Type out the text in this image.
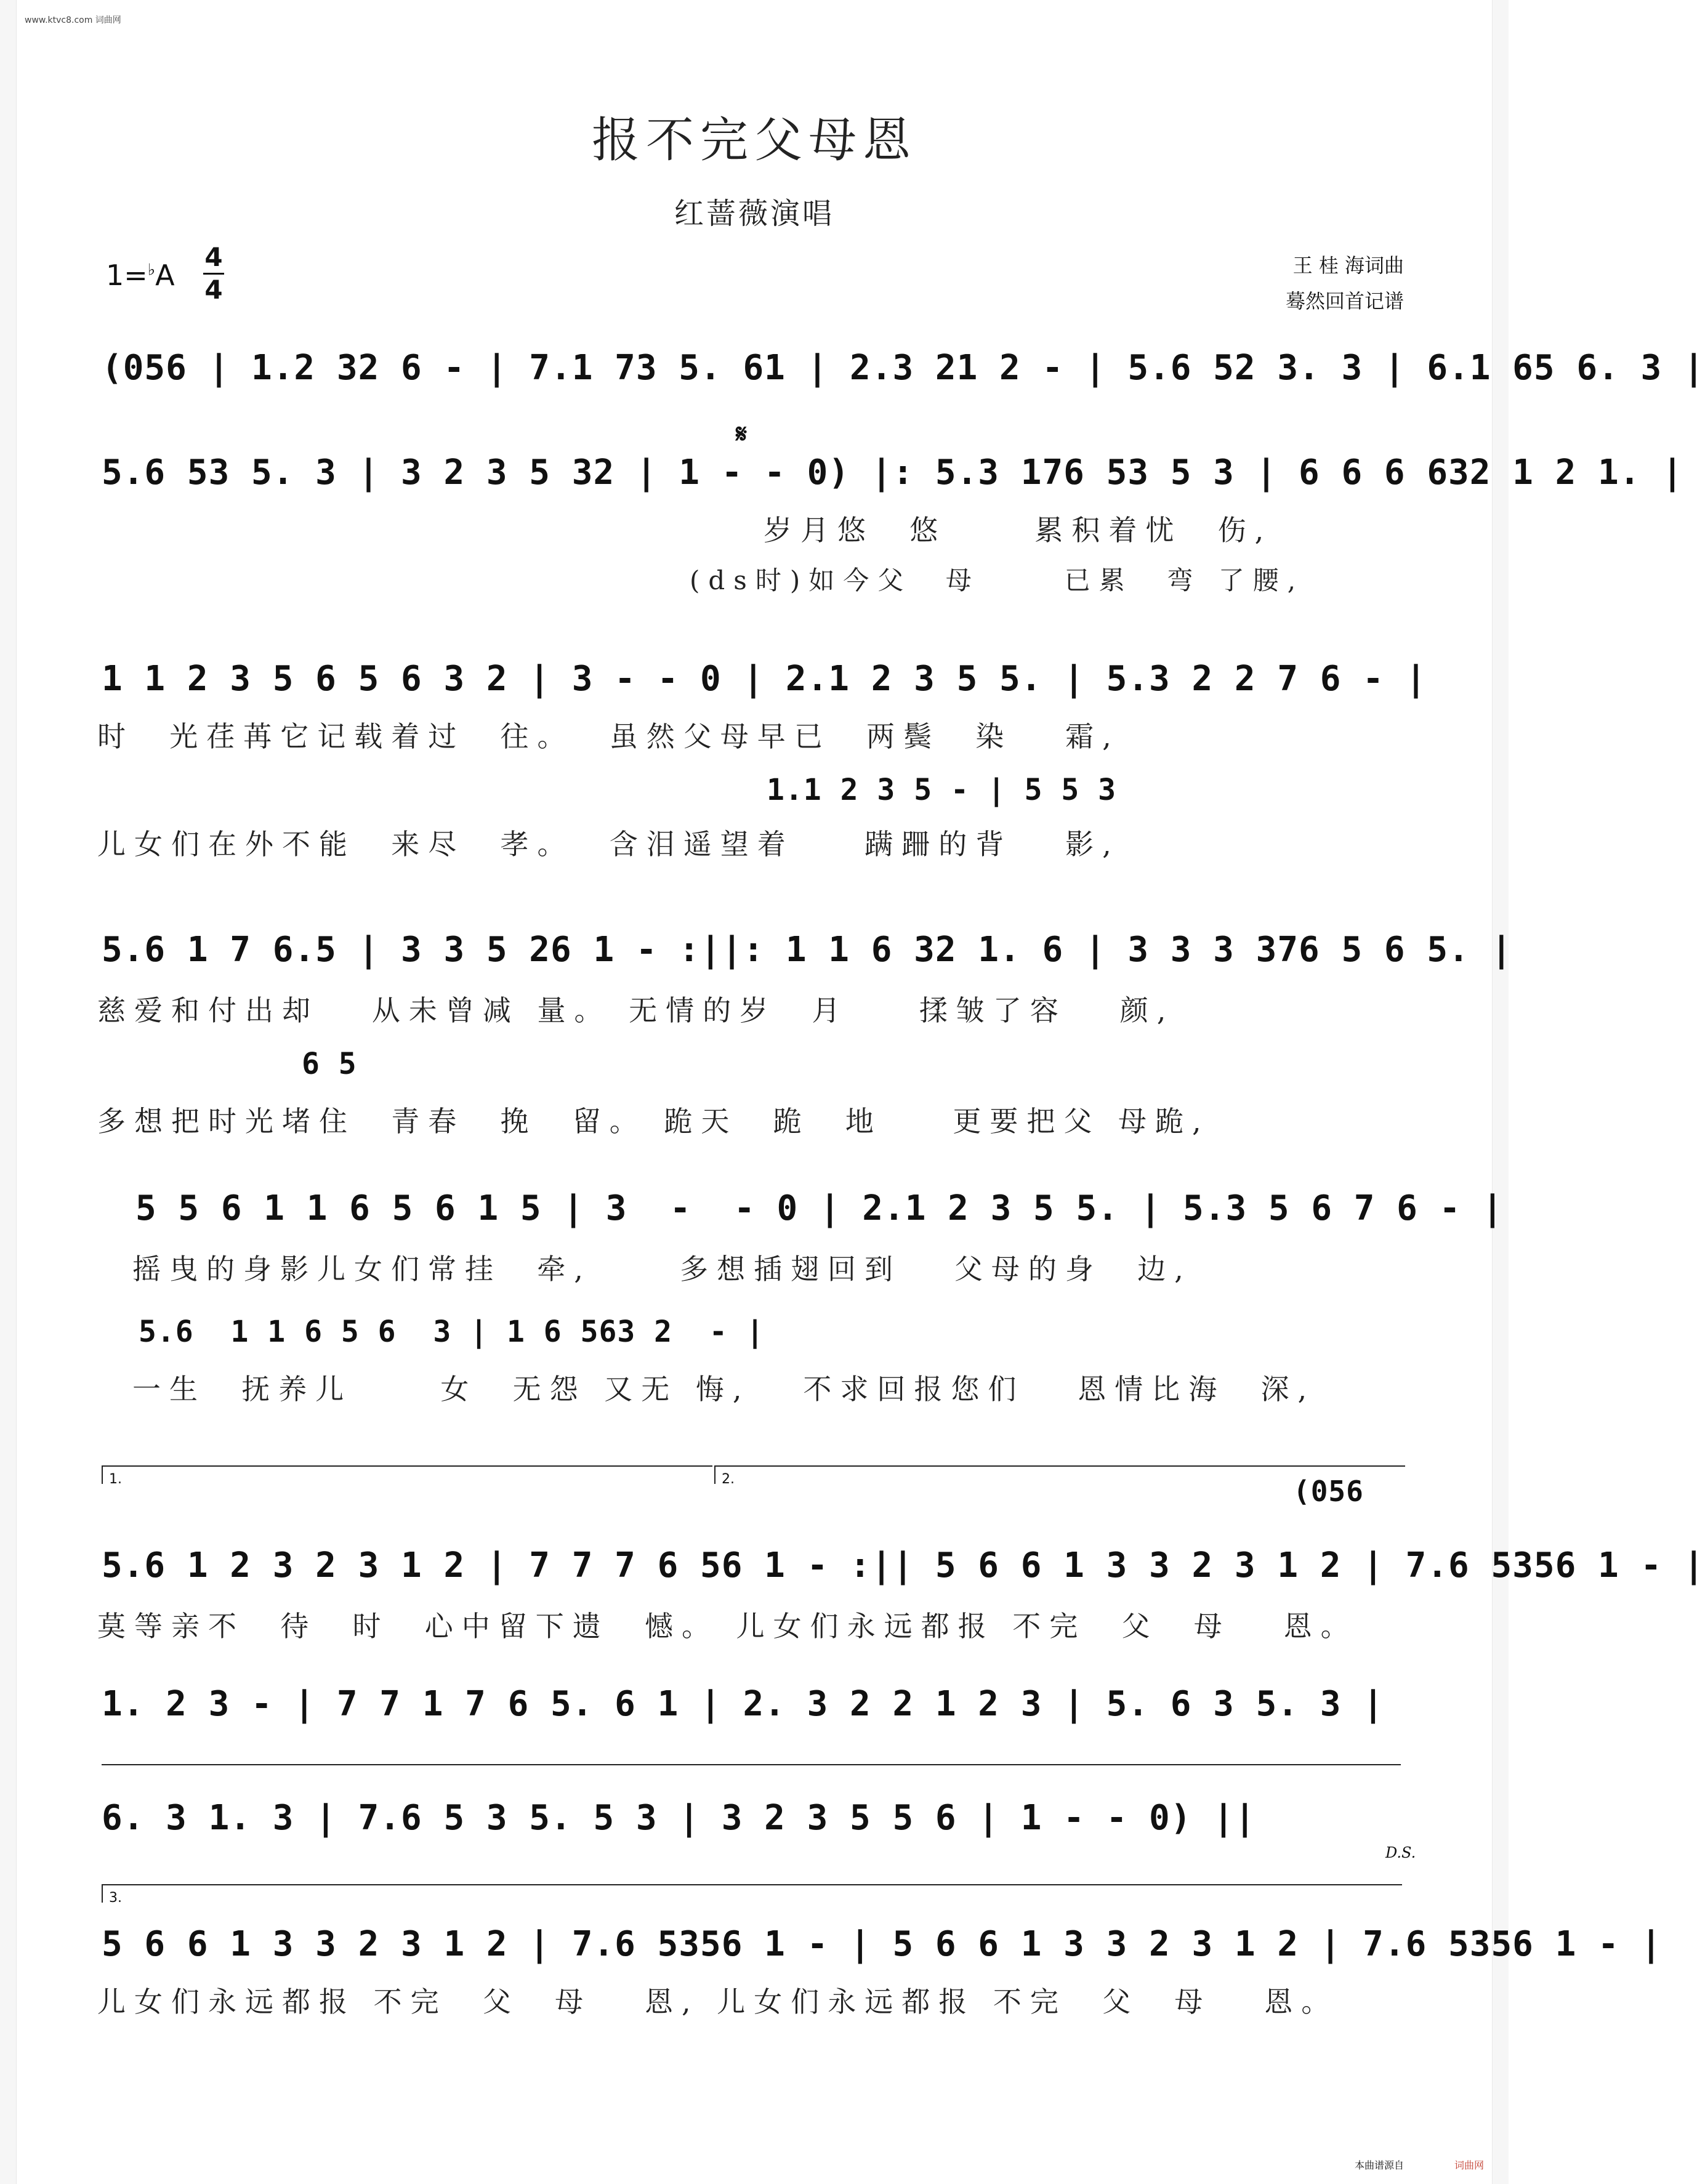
www.ktvc8.com 词曲网
报不完父母恩
红蔷薇演唱
1=♭A
4
4
王 桂 海词曲
蓦然回首记谱
(056 | 1.2 32 6 - | 7.1 73 5. 61 | 2.3 21 2 - | 5.6 52 3. 3 | 6.1 65 6. 3 |
𝄋
5.6 53 5. 3 | 3 2 3 5 32 | 1 - - 0) |: 5.3 176 53 5 3 | 6 6 6 632 1 2 1. |
岁月悠  悠     累积着忧  伤,
(ds时)如今父  母     已累  弯 了腰,
1 1 2 3 5 6 5 6 3 2 | 3 - - 0 | 2.1 2 3 5 5. | 5.3 2 2 7 6 - |
时  光荏苒它记载着过  往。  虽然父母早已  两鬓  染   霜,
1.1 2 3 5 - | 5 5 3
儿女们在外不能  来尽  孝。  含泪遥望着    蹒跚的背   影,
5.6 1 7 6.5 | 3 3 5 26 1 - :||: 1 1 6 32 1. 6 | 3 3 3 376 5 6 5. |
慈爱和付出却   从未曾减 量。 无情的岁  月    揉皱了容   颜,
6 5
多想把时光堵住  青春  挽  留。 跪天  跪  地    更要把父 母跪,
5 5 6 1 1 6 5 6 1 5 | 3  -  - 0 | 2.1 2 3 5 5. | 5.3 5 6 7 6 - |
摇曳的身影儿女们常挂  牵,     多想插翅回到   父母的身  边,
5.6  1 1 6 5 6  3 | 1 6 563 2  - |
一生  抚养儿     女  无怨 又无 悔,   不求回报您们   恩情比海  深,
1.	2.	(056
5.6 1 2 3 2 3 1 2 | 7 7 7 6 56 1 - :|| 5 6 6 1 3 3 2 3 1 2 | 7.6 5356 1 - |
莫等亲不  待  时  心中留下遗  憾。 儿女们永远都报 不完  父  母   恩。
1. 2 3 - | 7 7 1 7 6 5. 6 1 | 2. 3 2 2 1 2 3 | 5. 6 3 5. 3 |
6. 3 1. 3 | 7.6 5 3 5. 5 3 | 3 2 3 5 5 6 | 1 - - 0) ||
D.S.
3.
5 6 6 1 3 3 2 3 1 2 | 7.6 5356 1 - | 5 6 6 1 3 3 2 3 1 2 | 7.6 5356 1 - |
儿女们永远都报 不完  父  母   恩, 儿女们永远都报 不完  父  母   恩。
本曲谱源自	词曲网
